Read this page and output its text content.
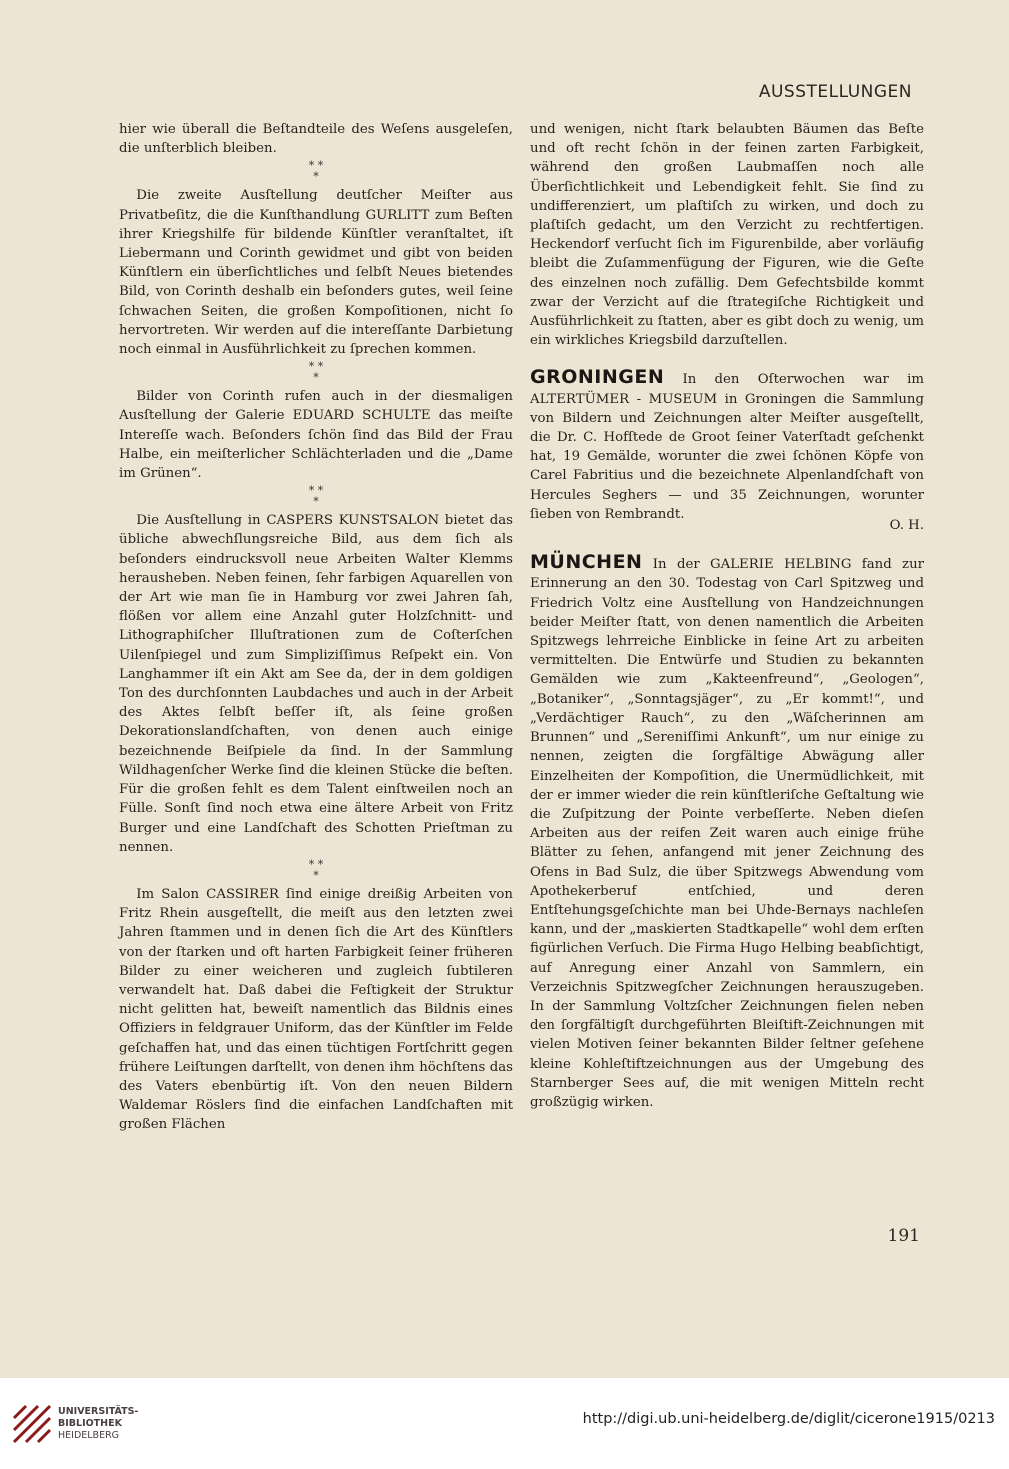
AUSSTELLUNGEN

hier wie überall die Beſtandteile des Weſens ausgeleſen, die unſterblich bleiben.

* *
*

Die zweite Ausſtellung deutſcher Meiſter aus Privatbeſitz, die die Kunſthandlung GURLITT zum Beſten ihrer Kriegshilfe für bildende Künſtler veranſtaltet, iſt Liebermann und Corinth gewidmet und gibt von beiden Künſtlern ein überſichtliches und ſelbſt Neues bietendes Bild, von Corinth deshalb ein beſonders gutes, weil ſeine ſchwachen Seiten, die großen Kompoſitionen, nicht ſo hervortreten. Wir werden auf die intereſſante Darbietung noch einmal in Ausführlichkeit zu ſprechen kommen.

* *
*

Bilder von Corinth rufen auch in der diesmaligen Ausſtellung der Galerie EDUARD SCHULTE das meiſte Intereſſe wach. Beſonders ſchön ſind das Bild der Frau Halbe, ein meiſterlicher Schlächterladen und die „Dame im Grünen“.

* *
*

Die Ausſtellung in CASPERS KUNSTSALON bietet das übliche abwechſlungsreiche Bild, aus dem ſich als beſonders eindrucksvoll neue Arbeiten Walter Klemms herausheben. Neben feinen, ſehr farbigen Aquarellen von der Art wie man ſie in Hamburg vor zwei Jahren ſah, flößen vor allem eine Anzahl guter Holzſchnitt- und Lithographiſcher Illuſtrationen zum de Coſterſchen Uilenſpiegel und zum Simpliziſſimus Reſpekt ein. Von Langhammer iſt ein Akt am See da, der in dem goldigen Ton des durchſonnten Laubdaches und auch in der Arbeit des Aktes ſelbſt beſſer iſt, als ſeine großen Dekorationslandſchaften, von denen auch einige bezeichnende Beiſpiele da ſind. In der Sammlung Wildhagenſcher Werke ſind die kleinen Stücke die beſten. Für die großen fehlt es dem Talent einſtweilen noch an Fülle. Sonſt ſind noch etwa eine ältere Arbeit von Fritz Burger und eine Landſchaft des Schotten Prieſtman zu nennen.

* *
*

Im Salon CASSIRER ſind einige dreißig Arbeiten von Fritz Rhein ausgeſtellt, die meiſt aus den letzten zwei Jahren ſtammen und in denen ſich die Art des Künſtlers von der ſtarken und oft harten Farbigkeit ſeiner früheren Bilder zu einer weicheren und zugleich ſubtileren verwandelt hat. Daß dabei die Feſtigkeit der Struktur nicht gelitten hat, beweiſt namentlich das Bildnis eines Offiziers in feldgrauer Uniform, das der Künſtler im Felde geſchaffen hat, und das einen tüchtigen Fortſchritt gegen frühere Leiſtungen darſtellt, von denen ihm höchſtens das des Vaters ebenbürtig iſt. Von den neuen Bildern Waldemar Röslers ſind die einfachen Landſchaften mit großen Flächen

und wenigen, nicht ſtark belaubten Bäumen das Beſte und oft recht ſchön in der feinen zarten Farbigkeit, während den großen Laubmaſſen noch alle Überſichtlichkeit und Lebendigkeit fehlt. Sie ſind zu undifferenziert, um plaſtiſch zu wirken, und doch zu plaſtiſch gedacht, um den Verzicht zu rechtfertigen. Heckendorf verſucht ſich im Figurenbilde, aber vorläufig bleibt die Zuſammenfügung der Figuren, wie die Geſte des einzelnen noch zufällig. Dem Gefechtsbilde kommt zwar der Verzicht auf die ſtrategiſche Richtigkeit und Ausführlichkeit zu ſtatten, aber es gibt doch zu wenig, um ein wirkliches Kriegsbild darzuſtellen.

GRONINGEN In den Oſterwochen war im ALTERTÜMER - MUSEUM in Groningen die Sammlung von Bildern und Zeichnungen alter Meiſter ausgeſtellt, die Dr. C. Hofſtede de Groot ſeiner Vaterſtadt geſchenkt hat, 19 Gemälde, worunter die zwei ſchönen Köpfe von Carel Fabritius und die bezeichnete Alpenlandſchaft von Hercules Seghers — und 35 Zeichnungen, worunter ſieben von Rembrandt.
O. H.

MÜNCHEN In der GALERIE HELBING fand zur Erinnerung an den 30. Todestag von Carl Spitzweg und Friedrich Voltz eine Ausſtellung von Handzeichnungen beider Meiſter ſtatt, von denen namentlich die Arbeiten Spitzwegs lehrreiche Einblicke in ſeine Art zu arbeiten vermittelten. Die Entwürfe und Studien zu bekannten Gemälden wie zum „Kakteenfreund“, „Geologen“, „Botaniker“, „Sonntagsjäger“, zu „Er kommt!“, und „Verdächtiger Rauch“, zu den „Wäſcherinnen am Brunnen“ und „Sereniſſimi Ankunft“, um nur einige zu nennen, zeigten die ſorgfältige Abwägung aller Einzelheiten der Kompoſition, die Unermüdlichkeit, mit der er immer wieder die rein künſtleriſche Geſtaltung wie die Zuſpitzung der Pointe verbeſſerte. Neben dieſen Arbeiten aus der reifen Zeit waren auch einige frühe Blätter zu ſehen, anfangend mit jener Zeichnung des Ofens in Bad Sulz, die über Spitzwegs Abwendung vom Apothekerberuf entſchied, und deren Entſtehungsgeſchichte man bei Uhde-Bernays nachleſen kann, und der „maskierten Stadtkapelle“ wohl dem erſten figürlichen Verſuch. Die Firma Hugo Helbing beabſichtigt, auf Anregung einer Anzahl von Sammlern, ein Verzeichnis Spitzwegſcher Zeichnungen herauszugeben. In der Sammlung Voltzſcher Zeichnungen fielen neben den ſorgfältigſt durchgeführten Bleiſtift-Zeichnungen mit vielen Motiven ſeiner bekannten Bilder ſeltner geſehene kleine Kohleſtiftzeichnungen aus der Umgebung des Starnberger Sees auf, die mit wenigen Mitteln recht großzügig wirken.

191
UNIVERSITÄTS-
BIBLIOTHEK
HEIDELBERG
http://digi.ub.uni-heidelberg.de/diglit/cicerone1915/0213
